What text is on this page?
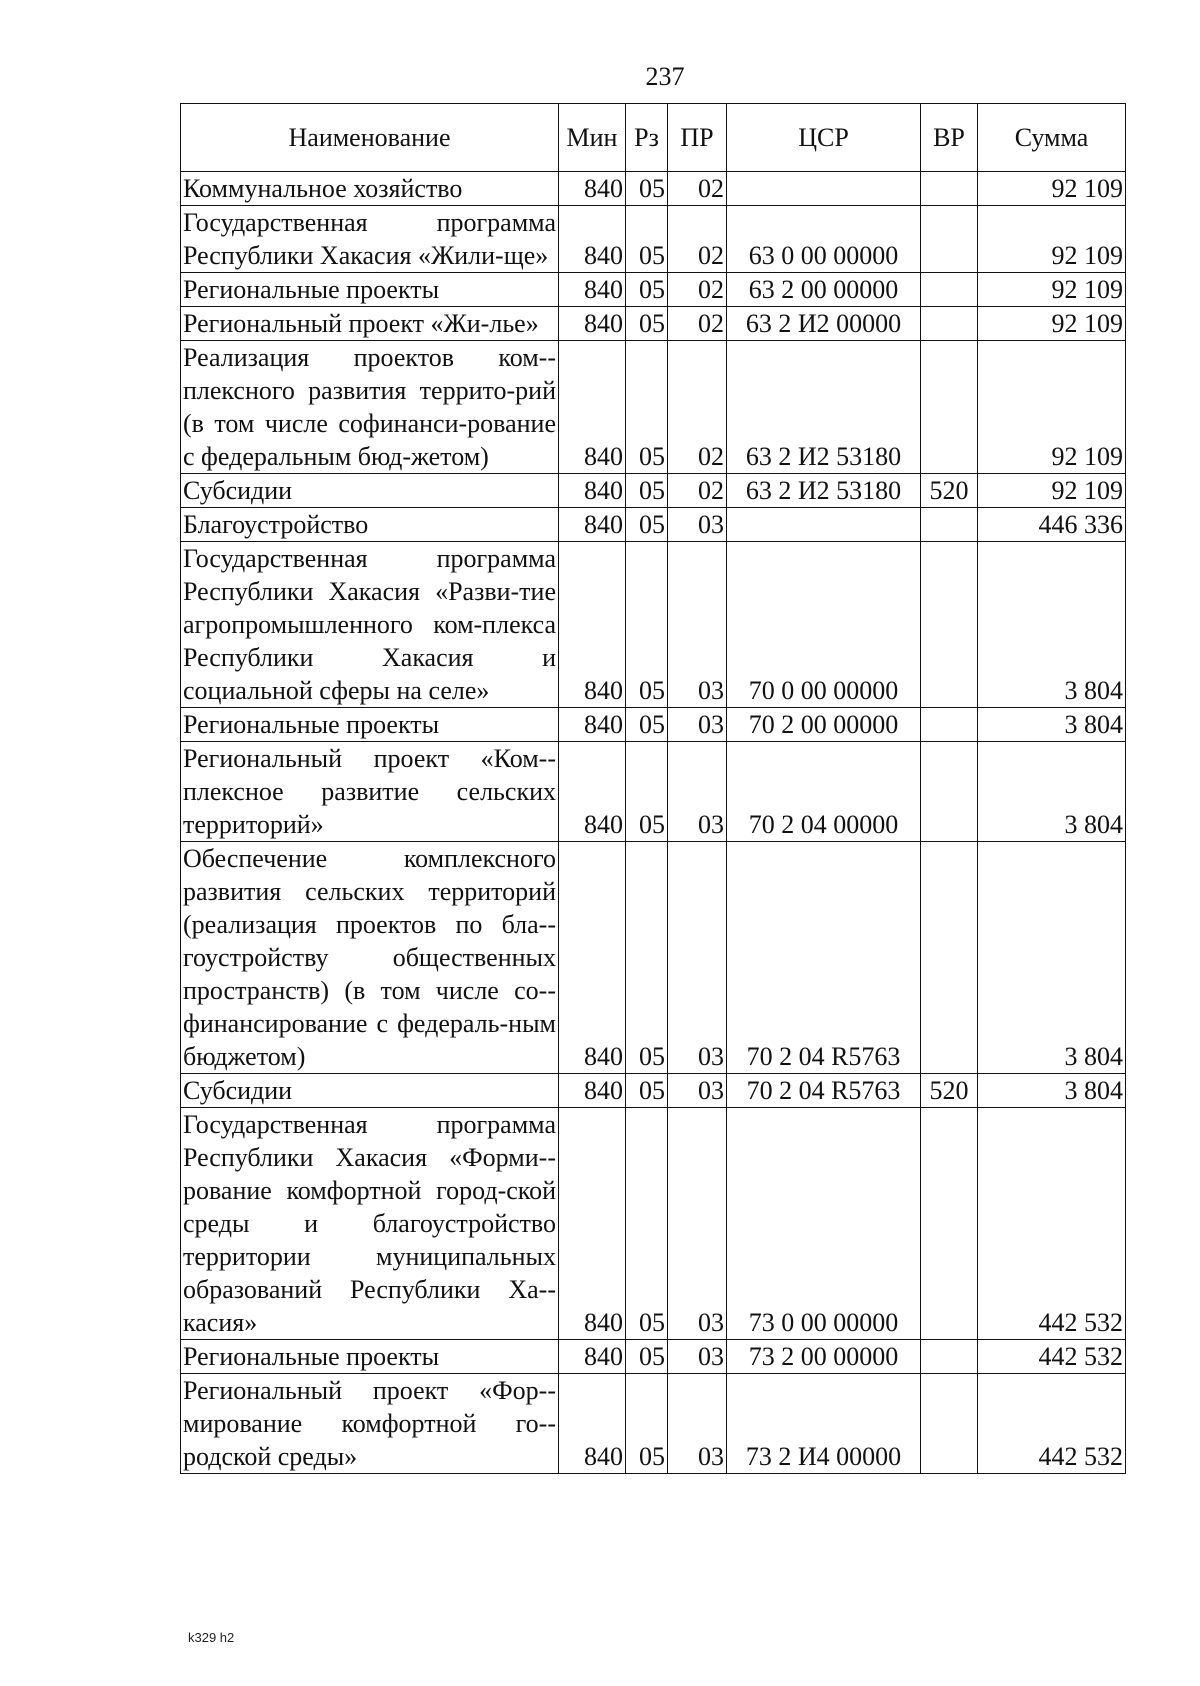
237
Наименование	Мин	Рз	ПР	ЦСР	ВР	Сумма
Коммунальное хозяйство	840	05	02			92 109
Государственная программа Республики Хакасия «Жили-ще»	840	05	02	63 0 00 00000		92 109
Региональные проекты	840	05	02	63 2 00 00000		92 109
Региональный проект «Жи-лье»	840	05	02	63 2 И2 00000		92 109
Реализация проектов ком-плексного развития террито-рий (в том числе софинанси-рование с федеральным бюд-жетом)	840	05	02	63 2 И2 53180		92 109
Субсидии	840	05	02	63 2 И2 53180	520	92 109
Благоустройство	840	05	03			446 336
Государственная программа Республики Хакасия «Разви-тие агропромышленного ком-плекса Республики Хакасия и социальной сферы на селе»	840	05	03	70 0 00 00000		3 804
Региональные проекты	840	05	03	70 2 00 00000		3 804
Региональный проект «Ком-плексное развитие сельских территорий»	840	05	03	70 2 04 00000		3 804
Обеспечение комплексного развития сельских территорий (реализация проектов по бла-гоустройству общественных пространств) (в том числе со-финансирование с федераль-ным бюджетом)	840	05	03	70 2 04 R5763		3 804
Субсидии	840	05	03	70 2 04 R5763	520	3 804
Государственная программа Республики Хакасия «Форми-рование комфортной город-ской среды и благоустройство территории муниципальных образований Республики Ха-касия»	840	05	03	73 0 00 00000		442 532
Региональные проекты	840	05	03	73 2 00 00000		442 532
Региональный проект «Фор-мирование комфортной го-родской среды»	840	05	03	73 2 И4 00000		442 532
k329 h2
